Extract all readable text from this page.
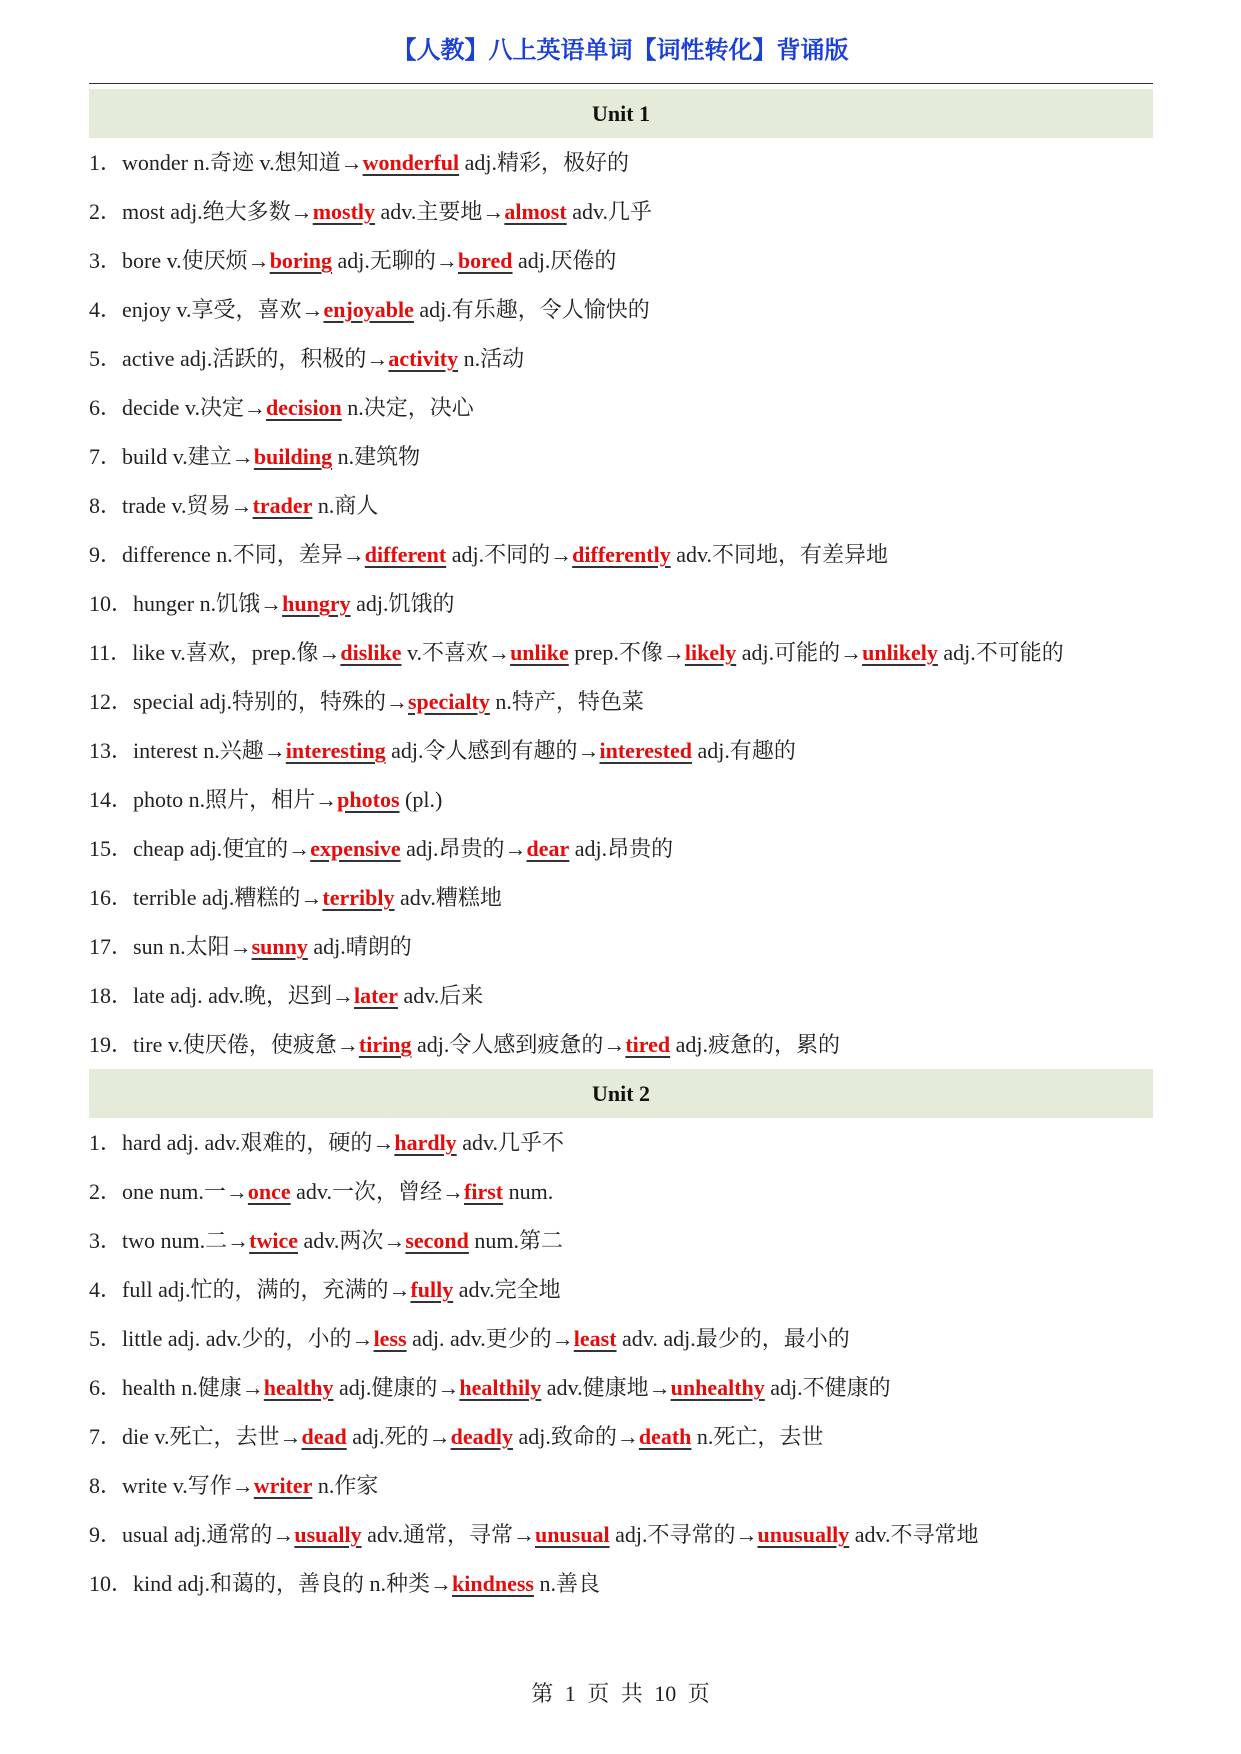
【人教】八上英语单词【词性转化】背诵版
Unit 1
1．wonder n.奇迹 v.想知道→wonderful adj.精彩，极好的
2．most adj.绝大多数→mostly adv.主要地→almost adv.几乎
3．bore v.使厌烦→boring adj.无聊的→bored adj.厌倦的
4．enjoy v.享受，喜欢→enjoyable adj.有乐趣，令人愉快的
5．active adj.活跃的，积极的→activity n.活动
6．decide v.决定→decision n.决定，决心
7．build v.建立→building n.建筑物
8．trade v.贸易→trader n.商人
9．difference n.不同，差异→different adj.不同的→differently adv.不同地，有差异地
10．hunger n.饥饿→hungry adj.饥饿的
11．like v.喜欢，prep.像→dislike v.不喜欢→unlike prep.不像→likely adj.可能的→unlikely adj.不可能的
12．special adj.特别的，特殊的→specialty n.特产，特色菜
13．interest n.兴趣→interesting adj.令人感到有趣的→interested adj.有趣的
14．photo n.照片，相片→photos (pl.)
15．cheap adj.便宜的→expensive adj.昂贵的→dear adj.昂贵的
16．terrible adj.糟糕的→terribly adv.糟糕地
17．sun n.太阳→sunny adj.晴朗的
18．late adj. adv.晚，迟到→later adv.后来
19．tire v.使厌倦，使疲惫→tiring adj.令人感到疲惫的→tired adj.疲惫的，累的
Unit 2
1．hard adj. adv.艰难的，硬的→hardly adv.几乎不
2．one num.一→once adv.一次，曾经→first num.
3．two num.二→twice adv.两次→second num.第二
4．full adj.忙的，满的，充满的→fully adv.完全地
5．little adj. adv.少的，小的→less adj. adv.更少的→least adv. adj.最少的，最小的
6．health n.健康→healthy adj.健康的→healthily adv.健康地→unhealthy adj.不健康的
7．die v.死亡，去世→dead adj.死的→deadly adj.致命的→death n.死亡，去世
8．write v.写作→writer n.作家
9．usual adj.通常的→usually adv.通常，寻常→unusual adj.不寻常的→unusually adv.不寻常地
10．kind adj.和蔼的，善良的 n.种类→kindness n.善良
第 1 页 共 10 页
